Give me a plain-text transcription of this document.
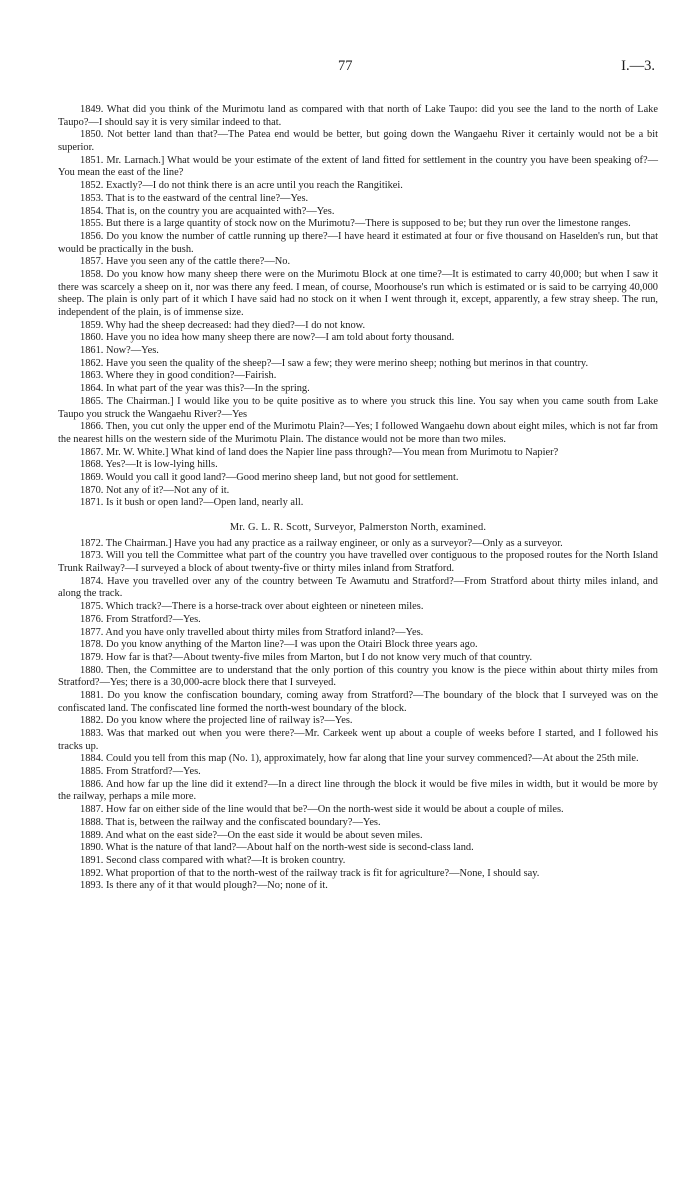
77	I.—3.

1849. What did you think of the Murimotu land as compared with that north of Lake Taupo: did you see the land to the north of Lake Taupo?—I should say it is very similar indeed to that.

1850. Not better land than that?—The Patea end would be better, but going down the Wangaehu River it certainly would not be a bit superior.

1851. Mr. Larnach.] What would be your estimate of the extent of land fitted for settlement in the country you have been speaking of?—You mean the east of the line?

1852. Exactly?—I do not think there is an acre until you reach the Rangitikei.

1853. That is to the eastward of the central line?—Yes.

1854. That is, on the country you are acquainted with?—Yes.

1855. But there is a large quantity of stock now on the Murimotu?—There is supposed to be; but they run over the limestone ranges.

1856. Do you know the number of cattle running up there?—I have heard it estimated at four or five thousand on Haselden's run, but that would be practically in the bush.

1857. Have you seen any of the cattle there?—No.

1858. Do you know how many sheep there were on the Murimotu Block at one time?—It is estimated to carry 40,000; but when I saw it there was scarcely a sheep on it, nor was there any feed. I mean, of course, Moorhouse's run which is estimated or is said to be carrying 40,000 sheep. The plain is only part of it which I have said had no stock on it when I went through it, except, apparently, a few stray sheep. The run, independent of the plain, is of immense size.

1859. Why had the sheep decreased: had they died?—I do not know.

1860. Have you no idea how many sheep there are now?—I am told about forty thousand.

1861. Now?—Yes.

1862. Have you seen the quality of the sheep?—I saw a few; they were merino sheep; nothing but merinos in that country.

1863. Where they in good condition?—Fairish.

1864. In what part of the year was this?—In the spring.

1865. The Chairman.] I would like you to be quite positive as to where you struck this line. You say when you came south from Lake Taupo you struck the Wangaehu River?—Yes

1866. Then, you cut only the upper end of the Murimotu Plain?—Yes; I followed Wangaehu down about eight miles, which is not far from the nearest hills on the western side of the Murimotu Plain. The distance would not be more than two miles.

1867. Mr. W. White.] What kind of land does the Napier line pass through?—You mean from Murimotu to Napier?

1868. Yes?—It is low-lying hills.

1869. Would you call it good land?—Good merino sheep land, but not good for settlement.

1870. Not any of it?—Not any of it.

1871. Is it bush or open land?—Open land, nearly all.

Mr. G. L. R. Scott, Surveyor, Palmerston North, examined.

1872. The Chairman.] Have you had any practice as a railway engineer, or only as a surveyor?—Only as a surveyor.

1873. Will you tell the Committee what part of the country you have travelled over contiguous to the proposed routes for the North Island Trunk Railway?—I surveyed a block of about twenty-five or thirty miles inland from Stratford.

1874. Have you travelled over any of the country between Te Awamutu and Stratford?—From Stratford about thirty miles inland, and along the track.

1875. Which track?—There is a horse-track over about eighteen or nineteen miles.

1876. From Stratford?—Yes.

1877. And you have only travelled about thirty miles from Stratford inland?—Yes.

1878. Do you know anything of the Marton line?—I was upon the Otairi Block three years ago.

1879. How far is that?—About twenty-five miles from Marton, but I do not know very much of that country.

1880. Then, the Committee are to understand that the only portion of this country you know is the piece within about thirty miles from Stratford?—Yes; there is a 30,000-acre block there that I surveyed.

1881. Do you know the confiscation boundary, coming away from Stratford?—The boundary of the block that I surveyed was on the confiscated land. The confiscated line formed the north-west boundary of the block.

1882. Do you know where the projected line of railway is?—Yes.

1883. Was that marked out when you were there?—Mr. Carkeek went up about a couple of weeks before I started, and I followed his tracks up.

1884. Could you tell from this map (No. 1), approximately, how far along that line your survey commenced?—At about the 25th mile.

1885. From Stratford?—Yes.

1886. And how far up the line did it extend?—In a direct line through the block it would be five miles in width, but it would be more by the railway, perhaps a mile more.

1887. How far on either side of the line would that be?—On the north-west side it would be about a couple of miles.

1888. That is, between the railway and the confiscated boundary?—Yes.

1889. And what on the east side?—On the east side it would be about seven miles.

1890. What is the nature of that land?—About half on the north-west side is second-class land.

1891. Second class compared with what?—It is broken country.

1892. What proportion of that to the north-west of the railway track is fit for agriculture?—None, I should say.

1893. Is there any of it that would plough?—No; none of it.
